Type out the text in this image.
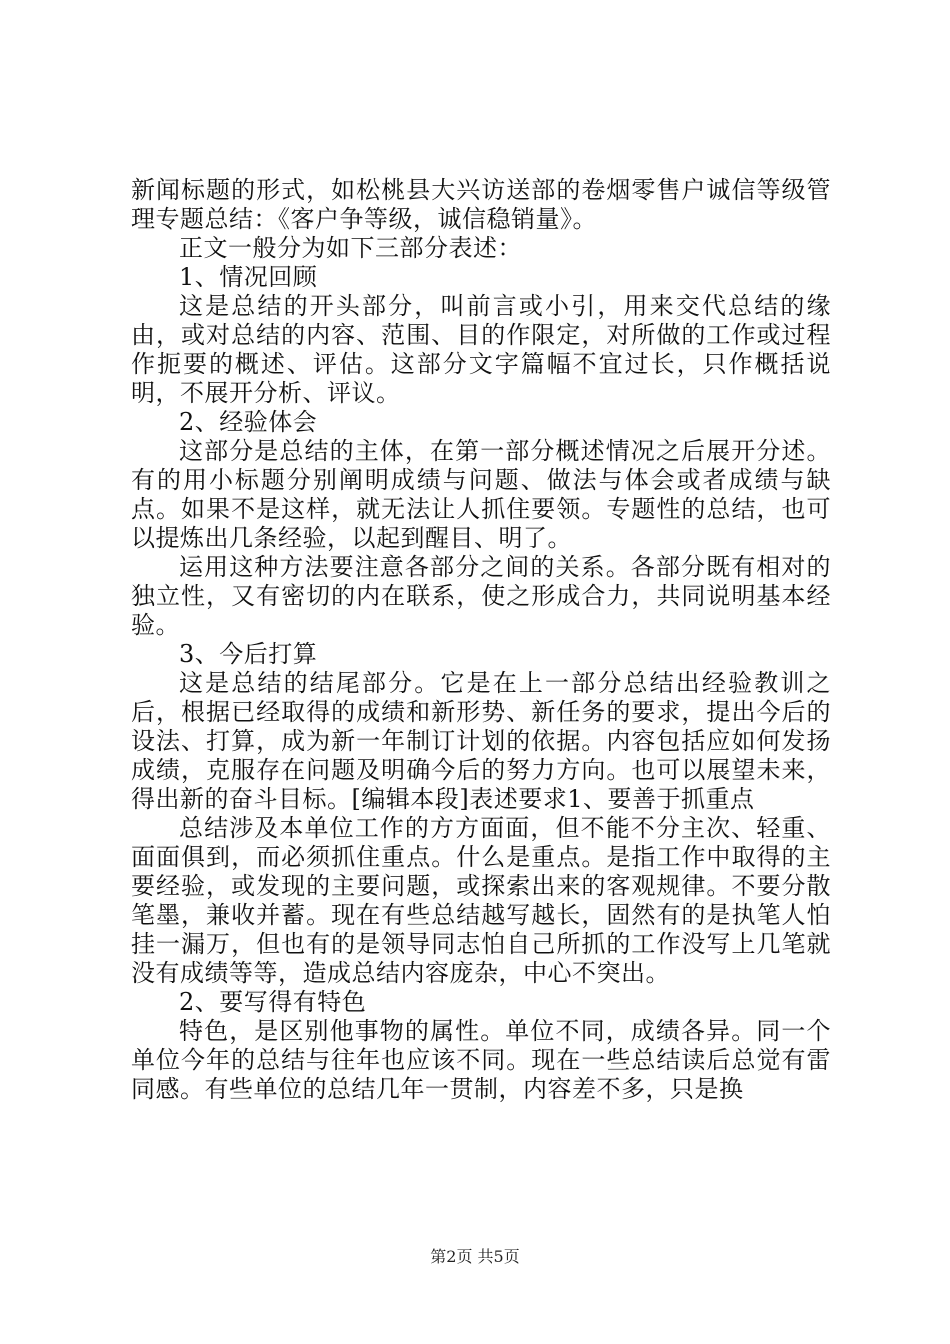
新闻标题的形式，如松桃县大兴访送部的卷烟零售户诚信等级管理专题总结：《客户争等级，诚信稳销量》。

正文一般分为如下三部分表述：

1、情况回顾

这是总结的开头部分，叫前言或小引，用来交代总结的缘由，或对总结的内容、范围、目的作限定，对所做的工作或过程作扼要的概述、评估。这部分文字篇幅不宜过长，只作概括说明，不展开分析、评议。

2、经验体会

这部分是总结的主体，在第一部分概述情况之后展开分述。有的用小标题分别阐明成绩与问题、做法与体会或者成绩与缺点。如果不是这样，就无法让人抓住要领。专题性的总结，也可以提炼出几条经验，以起到醒目、明了。

运用这种方法要注意各部分之间的关系。各部分既有相对的独立性，又有密切的内在联系，使之形成合力，共同说明基本经验。

3、今后打算

这是总结的结尾部分。它是在上一部分总结出经验教训之后，根据已经取得的成绩和新形势、新任务的要求，提出今后的设法、打算，成为新一年制订计划的依据。内容包括应如何发扬成绩，克服存在问题及明确今后的努力方向。也可以展望未来，得出新的奋斗目标。[编辑本段]表述要求1、要善于抓重点

总结涉及本单位工作的方方面面，但不能不分主次、轻重、面面俱到，而必须抓住重点。什么是重点。是指工作中取得的主要经验，或发现的主要问题，或探索出来的客观规律。不要分散笔墨，兼收并蓄。现在有些总结越写越长，固然有的是执笔人怕挂一漏万，但也有的是领导同志怕自己所抓的工作没写上几笔就没有成绩等等，造成总结内容庞杂，中心不突出。

2、要写得有特色

特色，是区别他事物的属性。单位不同，成绩各异。同一个单位今年的总结与往年也应该不同。现在一些总结读后总觉有雷同感。有些单位的总结几年一贯制，内容差不多，只是换

第2页 共5页
